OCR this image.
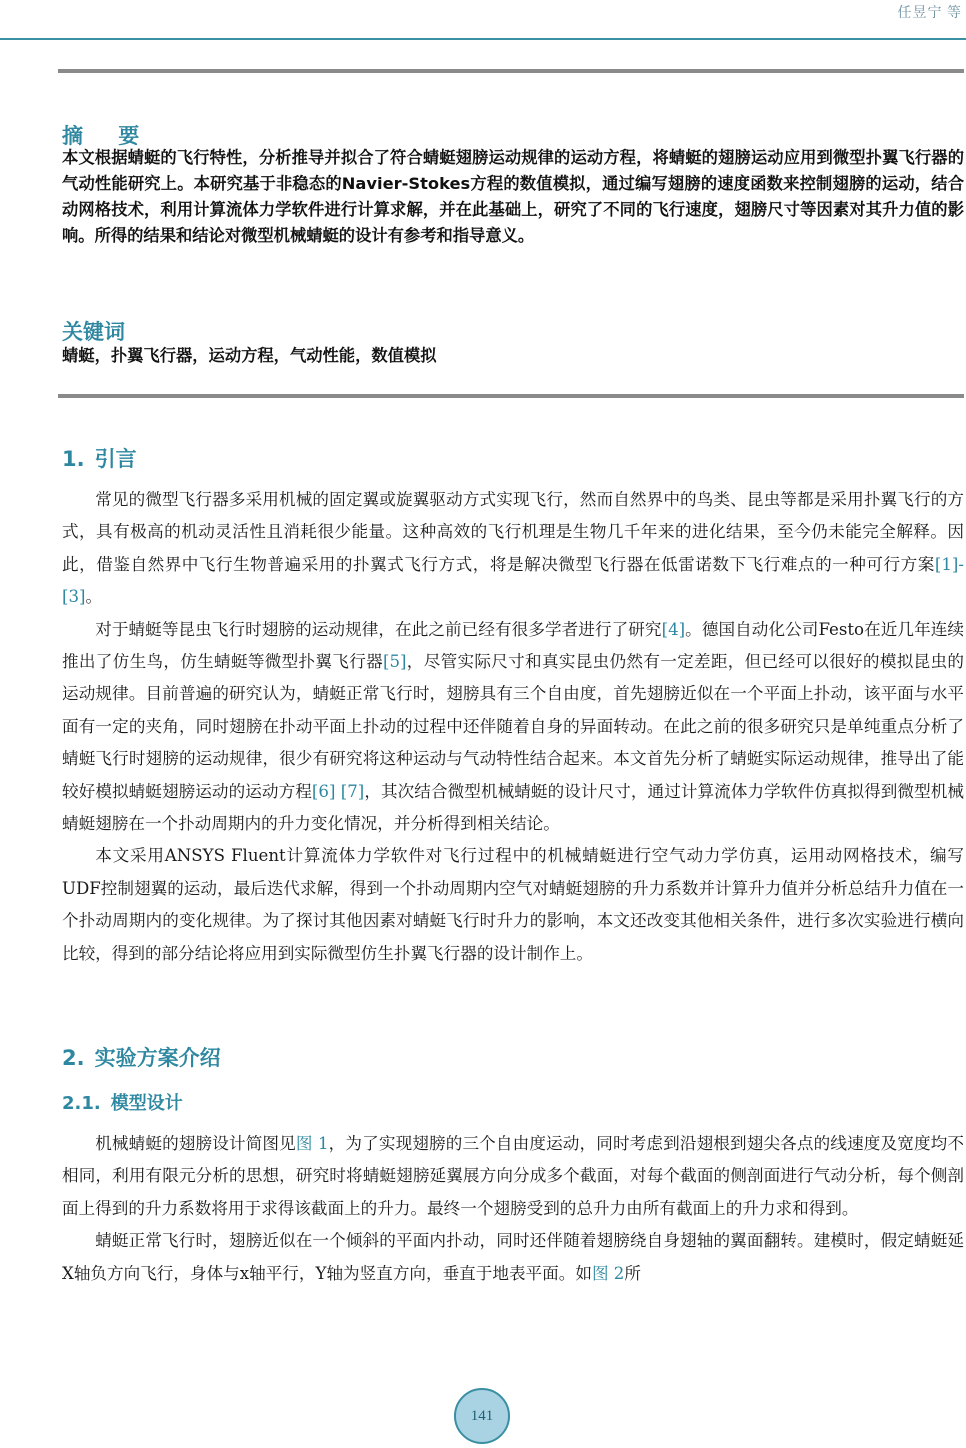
任昱宁 等
摘 要

本文根据蜻蜓的飞行特性，分析推导并拟合了符合蜻蜓翅膀运动规律的运动方程，将蜻蜓的翅膀运动应用到微型扑翼飞行器的气动性能研究上。本研究基于非稳态的Navier-Stokes方程的数值模拟，通过编写翅膀的速度函数来控制翅膀的运动，结合动网格技术，利用计算流体力学软件进行计算求解，并在此基础上，研究了不同的飞行速度，翅膀尺寸等因素对其升力值的影响。所得的结果和结论对微型机械蜻蜓的设计有参考和指导意义。

关键词

蜻蜓，扑翼飞行器，运动方程，气动性能，数值模拟

1. 引言

常见的微型飞行器多采用机械的固定翼或旋翼驱动方式实现飞行，然而自然界中的鸟类、昆虫等都是采用扑翼飞行的方式，具有极高的机动灵活性且消耗很少能量。这种高效的飞行机理是生物几千年来的进化结果，至今仍未能完全解释。因此，借鉴自然界中飞行生物普遍采用的扑翼式飞行方式，将是解决微型飞行器在低雷诺数下飞行难点的一种可行方案[1]-[3]。

对于蜻蜓等昆虫飞行时翅膀的运动规律，在此之前已经有很多学者进行了研究[4]。德国自动化公司Festo在近几年连续推出了仿生鸟，仿生蜻蜓等微型扑翼飞行器[5]，尽管实际尺寸和真实昆虫仍然有一定差距，但已经可以很好的模拟昆虫的运动规律。目前普遍的研究认为，蜻蜓正常飞行时，翅膀具有三个自由度，首先翅膀近似在一个平面上扑动，该平面与水平面有一定的夹角，同时翅膀在扑动平面上扑动的过程中还伴随着自身的异面转动。在此之前的很多研究只是单纯重点分析了蜻蜓飞行时翅膀的运动规律，很少有研究将这种运动与气动特性结合起来。本文首先分析了蜻蜓实际运动规律，推导出了能较好模拟蜻蜓翅膀运动的运动方程[6] [7]，其次结合微型机械蜻蜓的设计尺寸，通过计算流体力学软件仿真拟得到微型机械蜻蜓翅膀在一个扑动周期内的升力变化情况，并分析得到相关结论。

本文采用ANSYS Fluent计算流体力学软件对飞行过程中的机械蜻蜓进行空气动力学仿真，运用动网格技术，编写UDF控制翅翼的运动，最后迭代求解，得到一个扑动周期内空气对蜻蜓翅膀的升力系数并计算升力值并分析总结升力值在一个扑动周期内的变化规律。为了探讨其他因素对蜻蜓飞行时升力的影响，本文还改变其他相关条件，进行多次实验进行横向比较，得到的部分结论将应用到实际微型仿生扑翼飞行器的设计制作上。

2. 实验方案介绍
2.1. 模型设计

机械蜻蜓的翅膀设计简图见图 1，为了实现翅膀的三个自由度运动，同时考虑到沿翅根到翅尖各点的线速度及宽度均不相同，利用有限元分析的思想，研究时将蜻蜓翅膀延翼展方向分成多个截面，对每个截面的侧剖面进行气动分析，每个侧剖面上得到的升力系数将用于求得该截面上的升力。最终一个翅膀受到的总升力由所有截面上的升力求和得到。

蜻蜓正常飞行时，翅膀近似在一个倾斜的平面内扑动，同时还伴随着翅膀绕自身翅轴的翼面翻转。建模时，假定蜻蜓延X轴负方向飞行，身体与x轴平行，Y轴为竖直方向，垂直于地表平面。如图 2所

141
